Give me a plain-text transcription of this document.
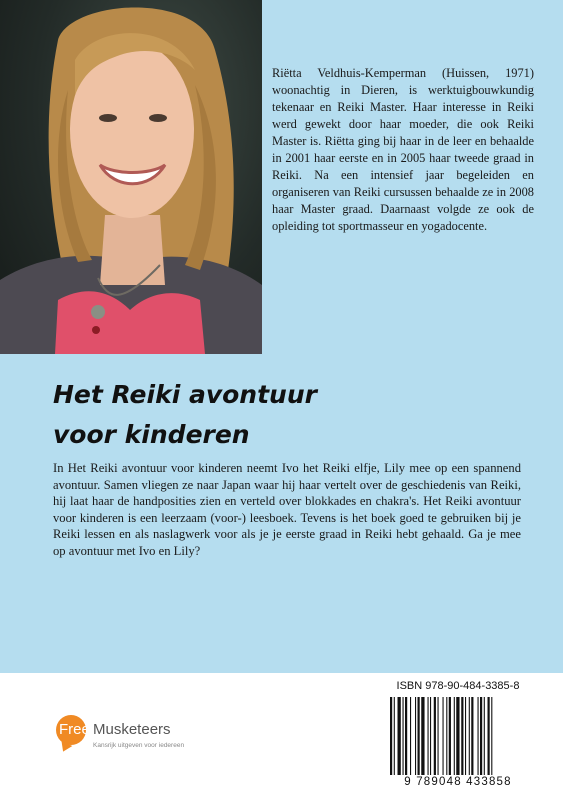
Riëtta Veldhuis-Kemperman (Huissen, 1971) woonachtig in Dieren, is werktuigbouwkundig tekenaar en Reiki Master. Haar interesse in Reiki werd gewekt door haar moeder, die ook Reiki Master is. Riëtta ging bij haar in de leer en behaalde in 2001 haar eerste en in 2005 haar tweede graad in Reiki. Na een intensief jaar begeleiden en organiseren van Reiki cursussen behaalde ze in 2008 haar Master graad. Daarnaast volgde ze ook de opleiding tot sportmasseur en yogadocente.

Het Reiki avontuur
voor kinderen

In Het Reiki avontuur voor kinderen neemt Ivo het Reiki elfje, Lily mee op een spannend avontuur. Samen vliegen ze naar Japan waar hij haar vertelt over de geschiedenis van Reiki, hij laat haar de handposities zien en verteld over blokkades en chakra's. Het Reiki avontuur voor kinderen is een leerzaam (voor-) leesboek. Tevens is het boek goed te gebruiken bij je Reiki lessen en als naslagwerk voor als je je eerste graad in Reiki hebt gehaald. Ga je mee op avontuur met Ivo en Lily?

Free Musketeers
Kansrijk uitgeven voor iedereen
ISBN 978-90-484-3385-8
9 789048 433858
